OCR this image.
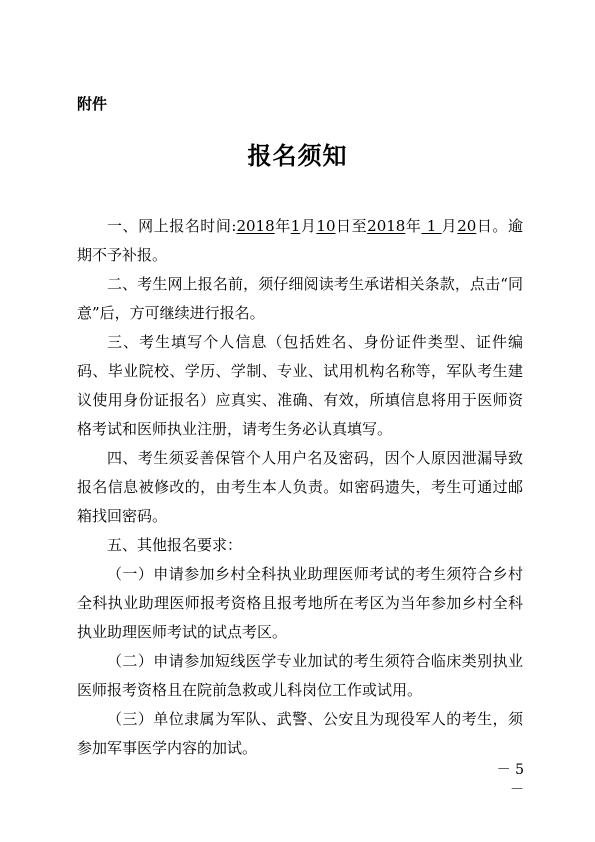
附件
报名须知

一、网上报名时间:2018年1月10日至2018年 1 月20日。逾期不予补报。

二、考生网上报名前，须仔细阅读考生承诺相关条款，点击“同意”后，方可继续进行报名。

三、考生填写个人信息（包括姓名、身份证件类型、证件编码、毕业院校、学历、学制、专业、试用机构名称等，军队考生建议使用身份证报名）应真实、准确、有效，所填信息将用于医师资格考试和医师执业注册，请考生务必认真填写。

四、考生须妥善保管个人用户名及密码，因个人原因泄漏导致报名信息被修改的，由考生本人负责。如密码遗失，考生可通过邮箱找回密码。

五、其他报名要求：

（一）申请参加乡村全科执业助理医师考试的考生须符合乡村全科执业助理医师报考资格且报考地所在考区为当年参加乡村全科执业助理医师考试的试点考区。

（二）申请参加短线医学专业加试的考生须符合临床类别执业医师报考资格且在院前急救或儿科岗位工作或试用。

（三）单位隶属为军队、武警、公安且为现役军人的考生，须参加军事医学内容的加试。

－ 5 －
